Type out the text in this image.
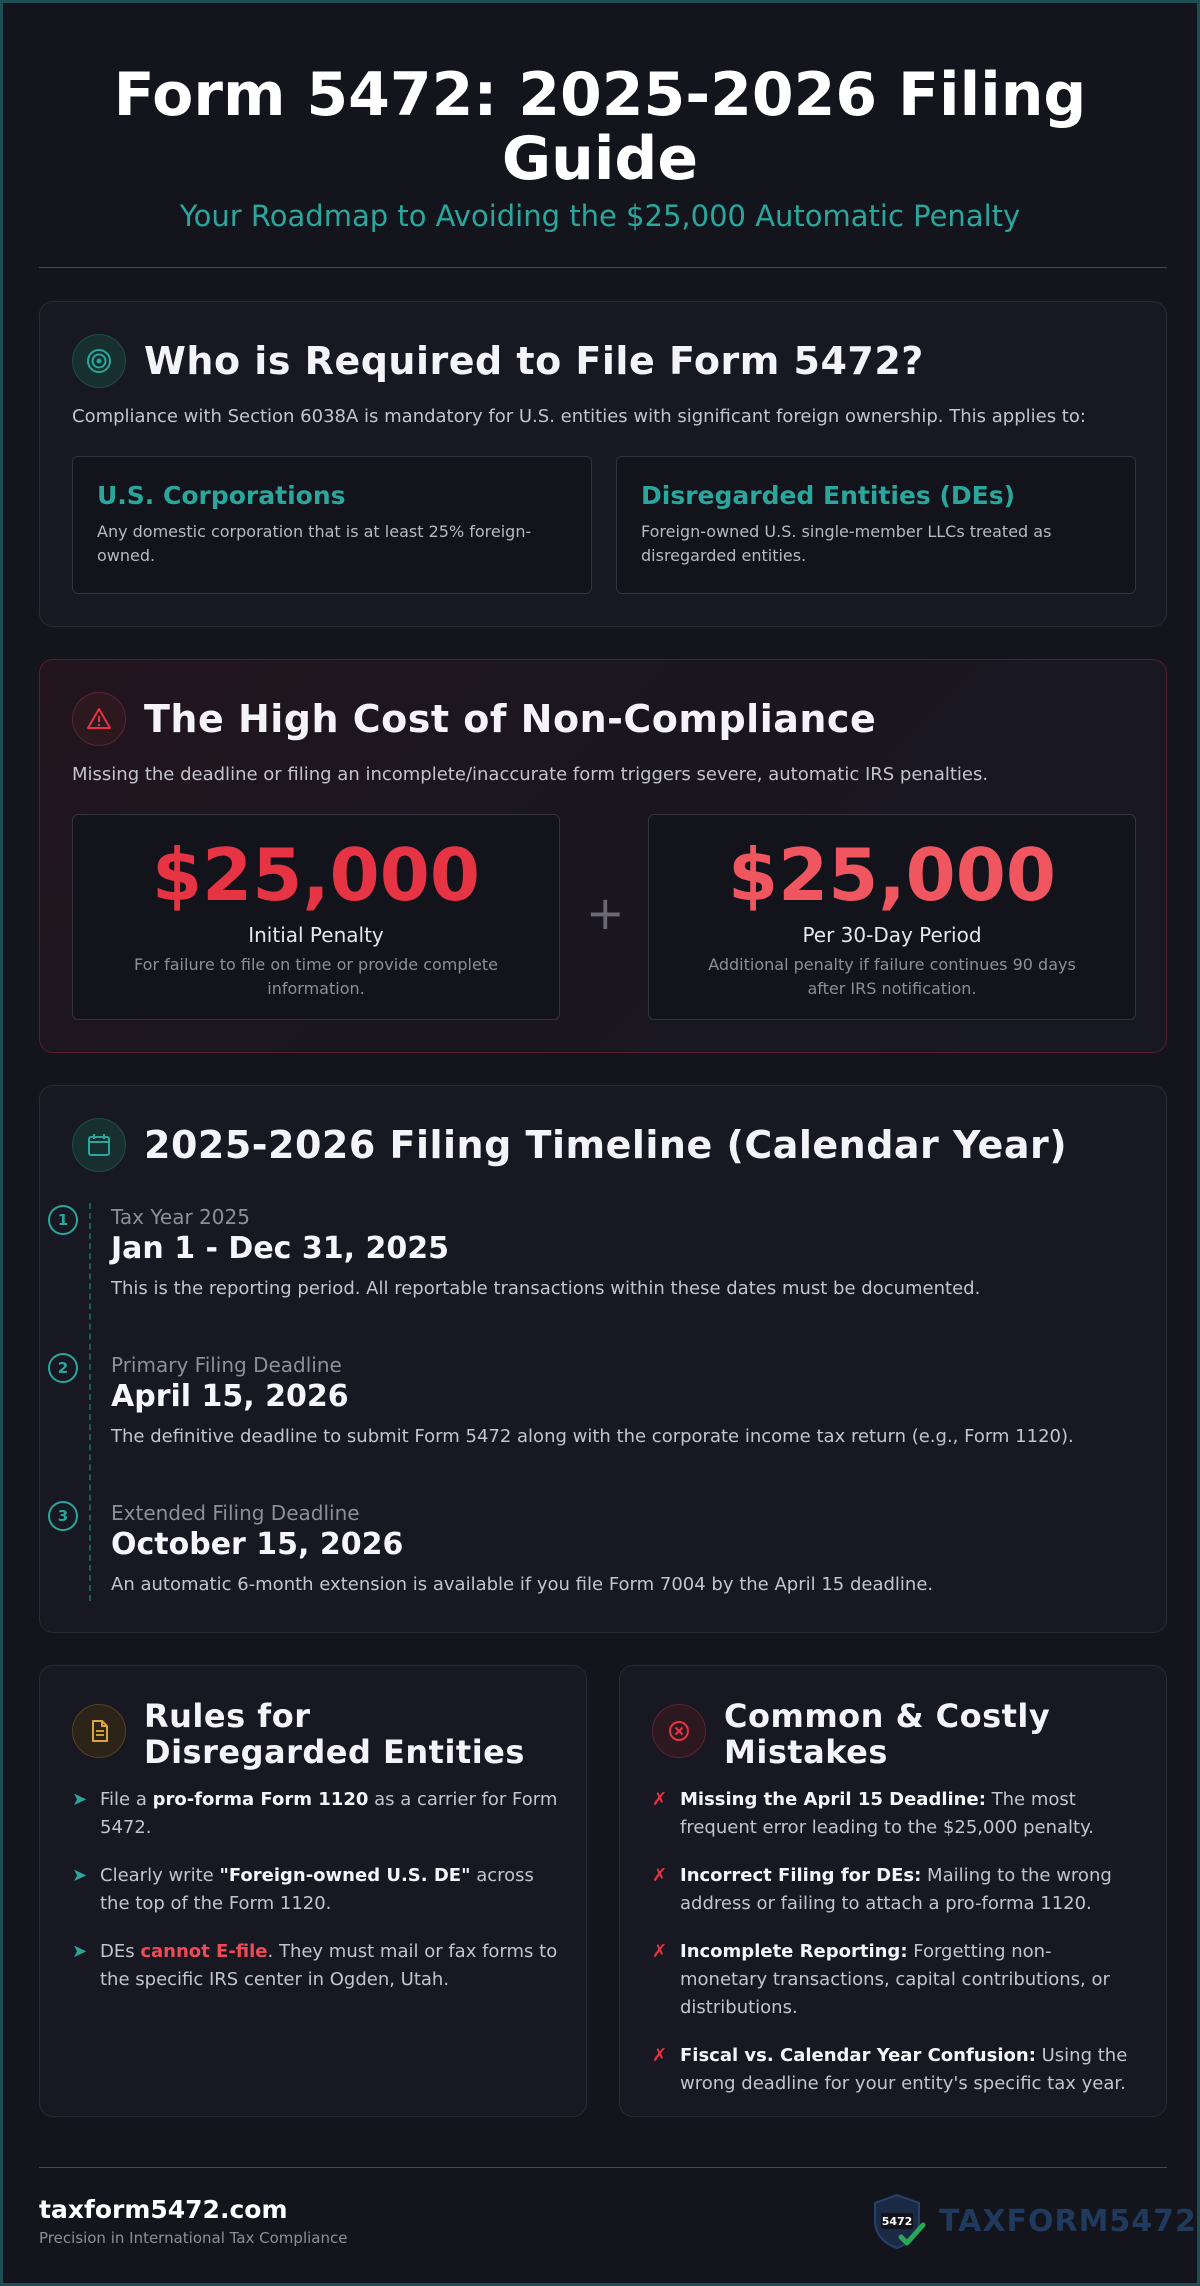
Form 5472: 2025-2026 Filing Guide
Your Roadmap to Avoiding the $25,000 Automatic Penalty
Who is Required to File Form 5472?
Compliance with Section 6038A is mandatory for U.S. entities with significant foreign ownership. This applies to:
U.S. Corporations

Any domestic corporation that is at least 25% foreign-owned.

Disregarded Entities (DEs)

Foreign-owned U.S. single-member LLCs treated as disregarded entities.

The High Cost of Non-Compliance
Missing the deadline or filing an incomplete/inaccurate form triggers severe, automatic IRS penalties.
$25,000
Initial Penalty
For failure to file on time or provide complete information.
+	$25,000
Per 30-Day Period
Additional penalty if failure continues 90 days after IRS notification.
2025-2026 Filing Timeline (Calendar Year)
1
2
3
Tax Year 2025
Jan 1 - Dec 31, 2025
This is the reporting period. All reportable transactions within these dates must be documented.
Primary Filing Deadline
April 15, 2026
The definitive deadline to submit Form 5472 along with the corporate income tax return (e.g., Form 1120).
Extended Filing Deadline
October 15, 2026
An automatic 6-month extension is available if you file Form 7004 by the April 15 deadline.
Rules for Disregarded Entities
➤ File a pro-forma Form 1120 as a carrier for Form 5472.
➤ Clearly write "Foreign-owned U.S. DE" across the top of the Form 1120.
➤ DEs cannot E-file. They must mail or fax forms to the specific IRS center in Ogden, Utah.
Common & Costly Mistakes
✗ Missing the April 15 Deadline: The most frequent error leading to the $25,000 penalty.
✗ Incorrect Filing for DEs: Mailing to the wrong address or failing to attach a pro-forma 1120.
✗ Incomplete Reporting: Forgetting non-monetary transactions, capital contributions, or distributions.
✗ Fiscal vs. Calendar Year Confusion: Using the wrong deadline for your entity's specific tax year.
taxform5472.com
Precision in International Tax Compliance
5472 TAXFORM5472
